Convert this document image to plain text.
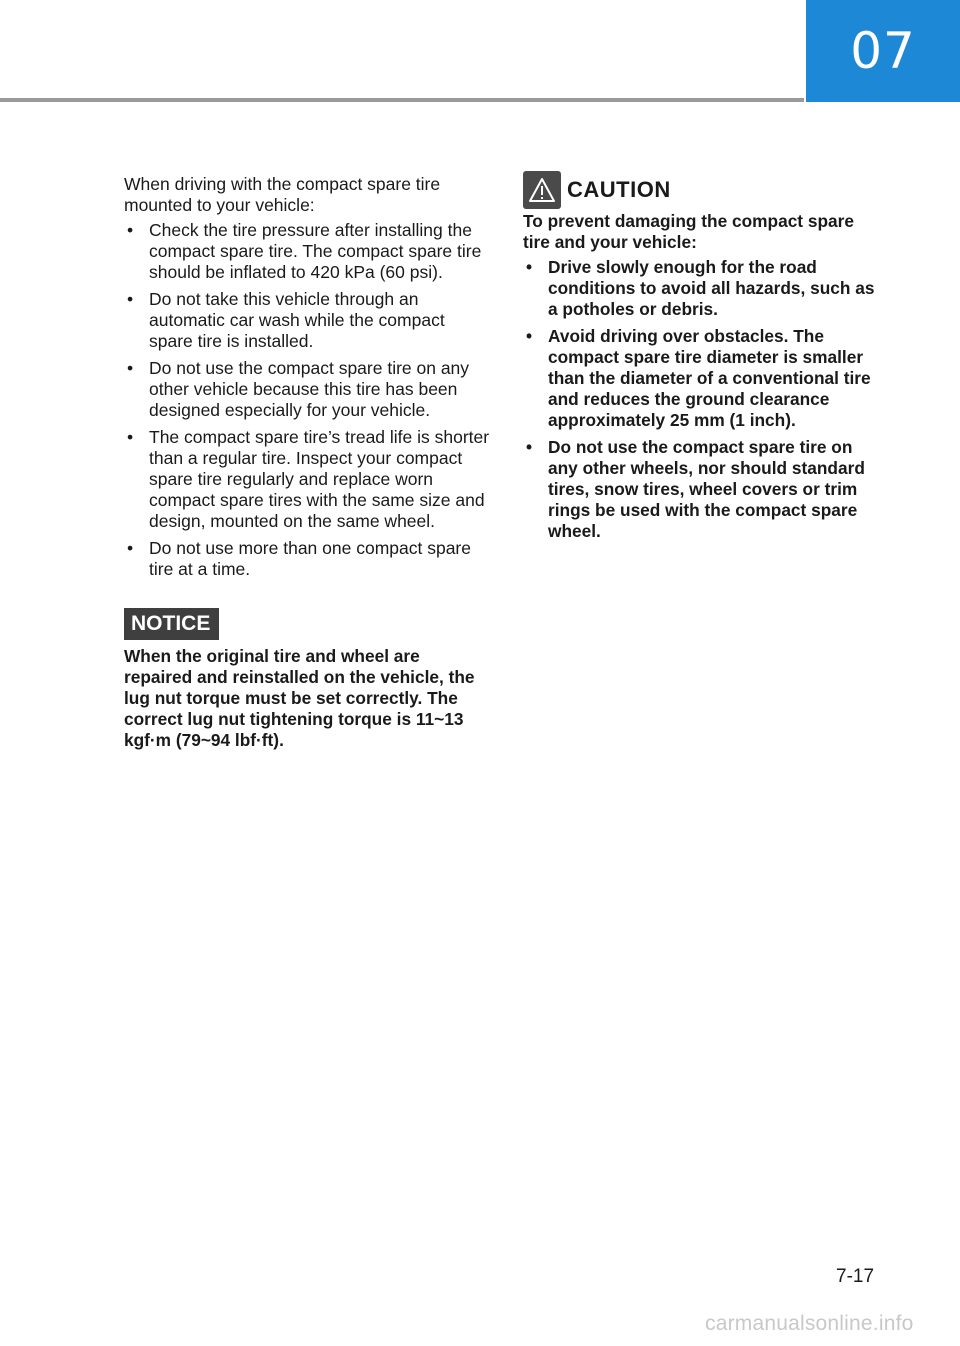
07

When driving with the compact spare tire mounted to your vehicle:

• Check the tire pressure after installing the compact spare tire. The compact spare tire should be inflated to 420 kPa (60 psi).
• Do not take this vehicle through an automatic car wash while the compact spare tire is installed.
• Do not use the compact spare tire on any other vehicle because this tire has been designed especially for your vehicle.
• The compact spare tire’s tread life is shorter than a regular tire. Inspect your compact spare tire regularly and replace worn compact spare tires with the same size and design, mounted on the same wheel.
• Do not use more than one compact spare tire at a time.
NOTICE
When the original tire and wheel are repaired and reinstalled on the vehicle, the lug nut torque must be set correctly. The correct lug nut tightening torque is 11~13 kgf·m (79~94 lbf·ft).
CAUTION
To prevent damaging the compact spare tire and your vehicle:
• Drive slowly enough for the road conditions to avoid all hazards, such as a potholes or debris.
• Avoid driving over obstacles. The compact spare tire diameter is smaller than the diameter of a conventional tire and reduces the ground clearance approximately 25 mm (1 inch).
• Do not use the compact spare tire on any other wheels, nor should standard tires, snow tires, wheel covers or trim rings be used with the compact spare wheel.
7-17
carmanualsonline.info
